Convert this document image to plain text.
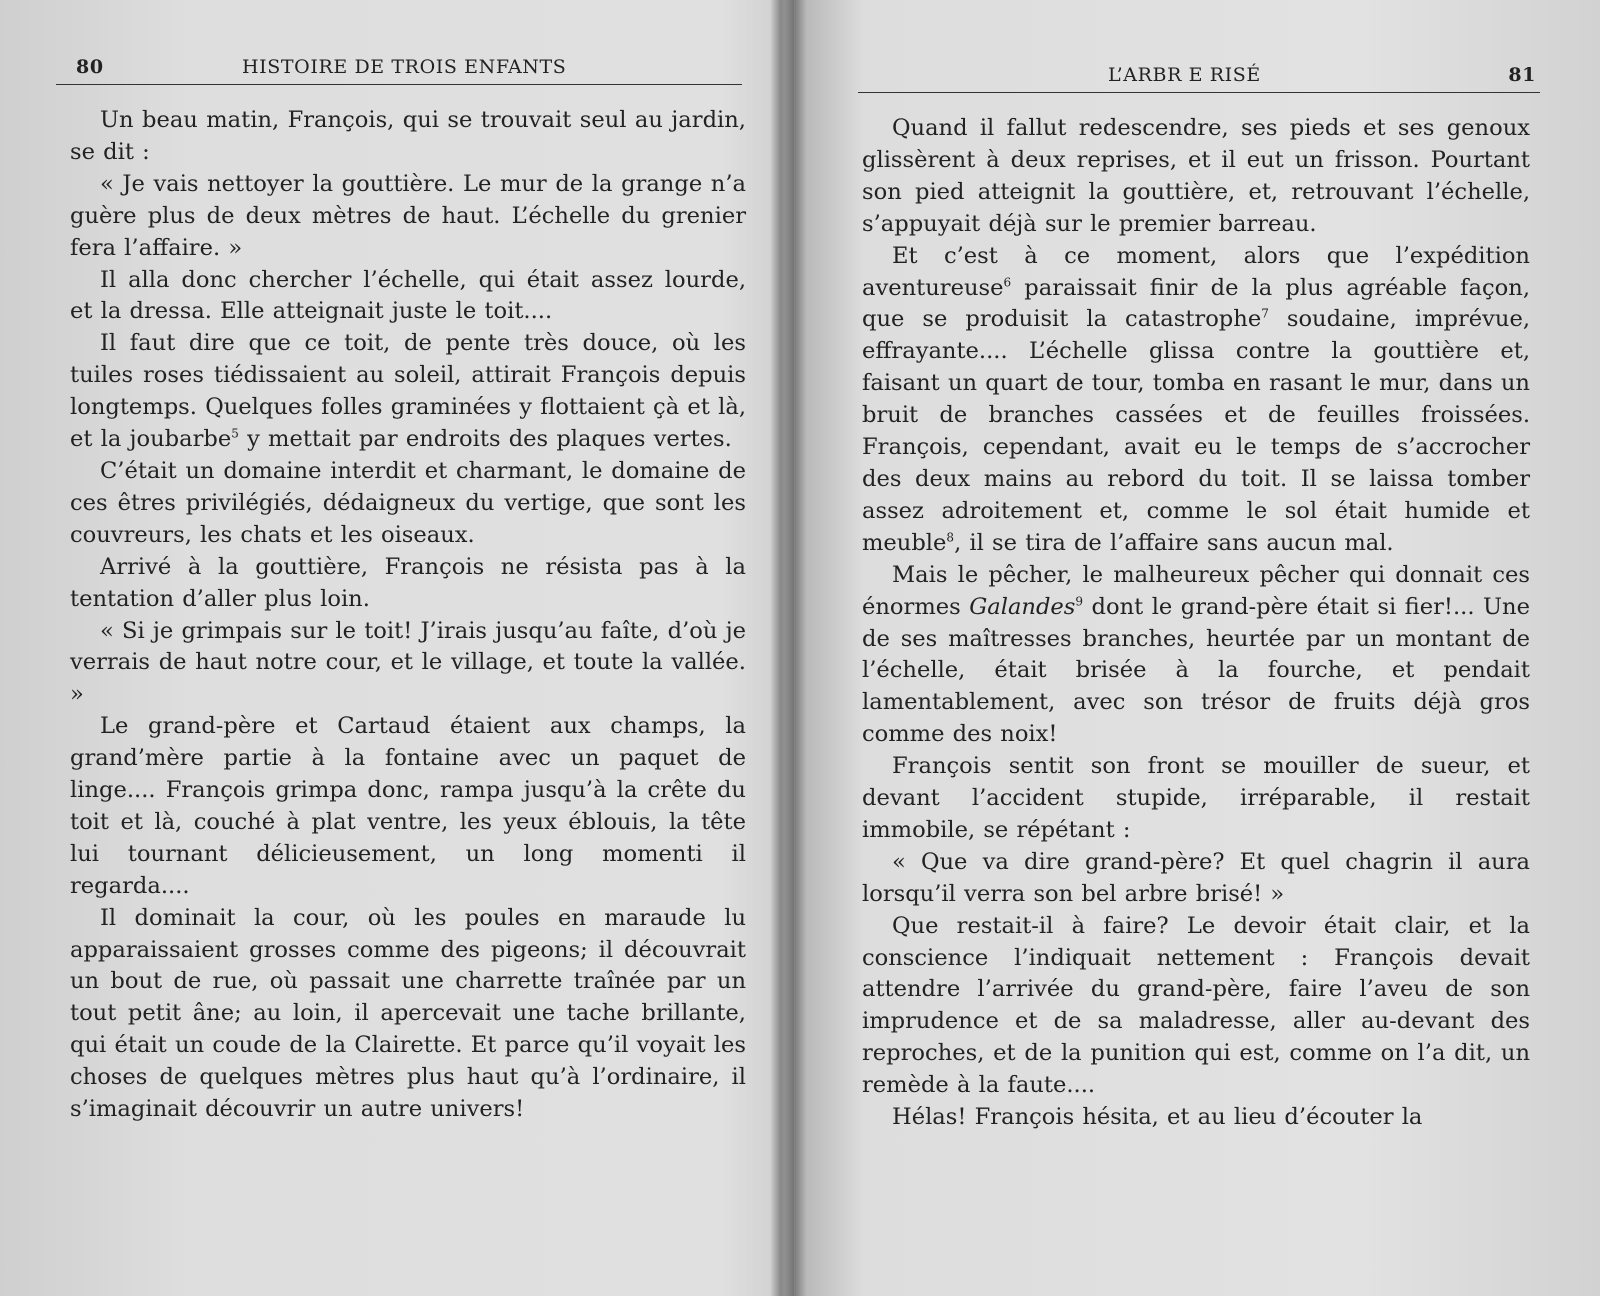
80	HISTOIRE DE TROIS ENFANTS

Un beau matin, François, qui se trouvait seul au jardin, se dit :

« Je vais nettoyer la gouttière. Le mur de la grange n’a guère plus de deux mètres de haut. L’échelle du grenier fera l’affaire. »

Il alla donc chercher l’échelle, qui était assez lourde, et la dressa. Elle atteignait juste le toit....

Il faut dire que ce toit, de pente très douce, où les tuiles roses tiédissaient au soleil, attirait François depuis longtemps. Quelques folles graminées y flottaient çà et là, et la joubarbe$^5$ y mettait par endroits des plaques vertes.

C’était un domaine interdit et charmant, le domaine de ces êtres privilégiés, dédaigneux du vertige, que sont les couvreurs, les chats et les oiseaux.

Arrivé à la gouttière, François ne résista pas à la tentation d’aller plus loin.

« Si je grimpais sur le toit! J’irais jusqu’au faîte, d’où je verrais de haut notre cour, et le village, et toute la vallée. »

Le grand-père et Cartaud étaient aux champs, la grand’mère partie à la fontaine avec un paquet de linge.... François grimpa donc, rampa jusqu’à la crête du toit et là, couché à plat ventre, les yeux éblouis, la tête lui tournant délicieusement, un long momenti il regarda....

Il dominait la cour, où les poules en maraude lu apparaissaient grosses comme des pigeons; il découvrait un bout de rue, où passait une charrette traînée par un tout petit âne; au loin, il apercevait une tache brillante, qui était un coude de la Clairette. Et parce qu’il voyait les choses de quelques mètres plus haut qu’à l’ordinaire, il s’imaginait découvrir un autre univers!

L’ARBR E RISÉ	81

Quand il fallut redescendre, ses pieds et ses genoux glissèrent à deux reprises, et il eut un frisson. Pourtant son pied atteignit la gouttière, et, retrouvant l’échelle, s’appuyait déjà sur le premier barreau.

Et c’est à ce moment, alors que l’expédition aventureuse$^6$ paraissait finir de la plus agréable façon, que se produisit la catastrophe$^7$ soudaine, imprévue, effrayante.... L’échelle glissa contre la gouttière et, faisant un quart de tour, tomba en rasant le mur, dans un bruit de branches cassées et de feuilles froissées. François, cependant, avait eu le temps de s’accrocher des deux mains au rebord du toit. Il se laissa tomber assez adroitement et, comme le sol était humide et meuble$^8$, il se tira de l’affaire sans aucun mal.

Mais le pêcher, le malheureux pêcher qui donnait ces énormes Galandes$^9$ dont le grand-père était si fier!... Une de ses maîtresses branches, heurtée par un montant de l’échelle, était brisée à la fourche, et pendait lamentablement, avec son trésor de fruits déjà gros comme des noix!

François sentit son front se mouiller de sueur, et devant l’accident stupide, irréparable, il restait immobile, se répétant :

« Que va dire grand-père? Et quel chagrin il aura lorsqu’il verra son bel arbre brisé! »

Que restait-il à faire? Le devoir était clair, et la conscience l’indiquait nettement : François devait attendre l’arrivée du grand-père, faire l’aveu de son imprudence et de sa maladresse, aller au-devant des reproches, et de la punition qui est, comme on l’a dit, un remède à la faute....

Hélas! François hésita, et au lieu d’écouter la
